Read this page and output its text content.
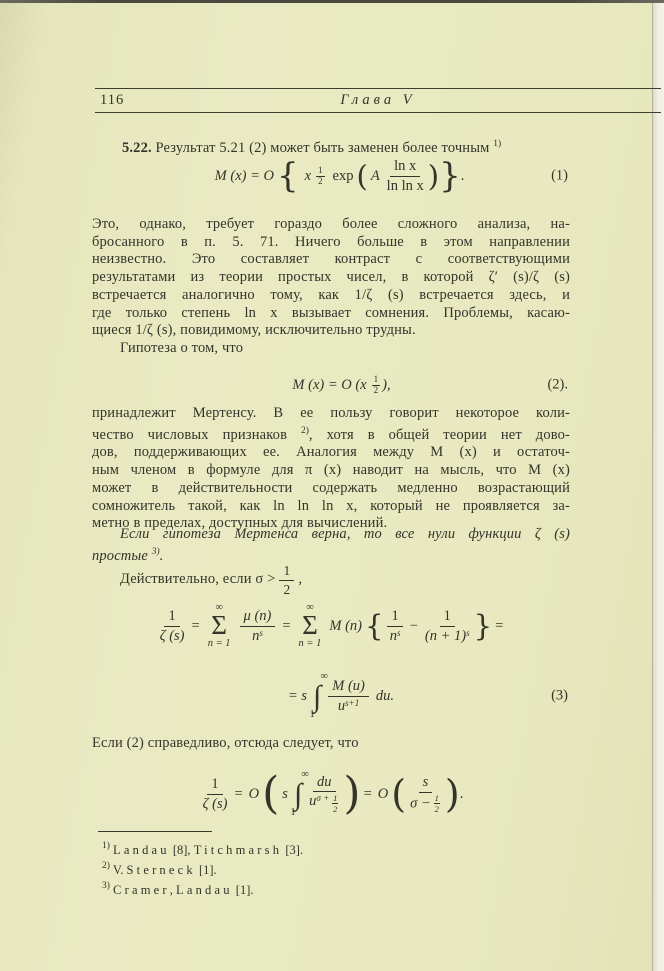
116	Глава V
5.22. Результат 5.21 (2) может быть заменен более точным $^{1)}$
M (x) = O { x 1
2 exp ( A
ln x
ln ln x ) } .	(1)
Это, однако, требует гораздо более сложного анализа, на-
бросанного в п. 5. 71. Ничего больше в этом направлении
неизвестно. Это составляет контраст с соответствующими
результатами из теории простых чисел, в которой ζ′ (s)/ζ (s)
встречается аналогично тому, как 1/ζ (s) встречается здесь, и
где только степень ln x вызывает сомнения. Проблемы, касаю-
щиеся 1/ζ (s), повидимому, исключительно трудны.
Гипотеза о том, что
M (x) = O (x 1
2 ),	(2).
принадлежит Мертенсу. В ее пользу говорит некоторое коли-
чество числовых признаков $^{2)}$, хотя в общей теории нет дово-
дов, поддерживающих ее. Аналогия между M (x) и остаточ-
ным членом в формуле для π (x) наводит на мысль, что M (x)
может в действительности содержать медленно возрастающий
сомножитель такой, как ln ln ln x, который не проявляется за-
метно в пределах, доступных для вычислений.
Если гипотеза Мертенса верна, то все нули функции ζ (s)
простые $^{3)}$.
Действительно, если σ >
1
2
,
$\frac{1}{\zeta (s)}$ =
∞
Σ
$n = 1 \frac{\mu (n)}{n^s}$ =
∞
Σ
n = 1
M (n) { 1
$n^s - \frac{1}{(n + 1)^s}$ } =
= s
∞
∫
1
M (u)
$u^{s+1}$ du.	(3)
Если (2) справедливо, отсюда следует, что
$\frac{1}{\zeta (s)} = O$ ( s
∞
∫
1
du
$u^{\sigma +} \frac{1}{2}$ ) = O ( s
$\sigma - \frac{1}{2}$ ) .
$^{1)}$ Landau [8], Titchmarsh [3].
$^{2)}$ V. Sterneck [1].
$^{3)}$ Cramer, Landau [1].
